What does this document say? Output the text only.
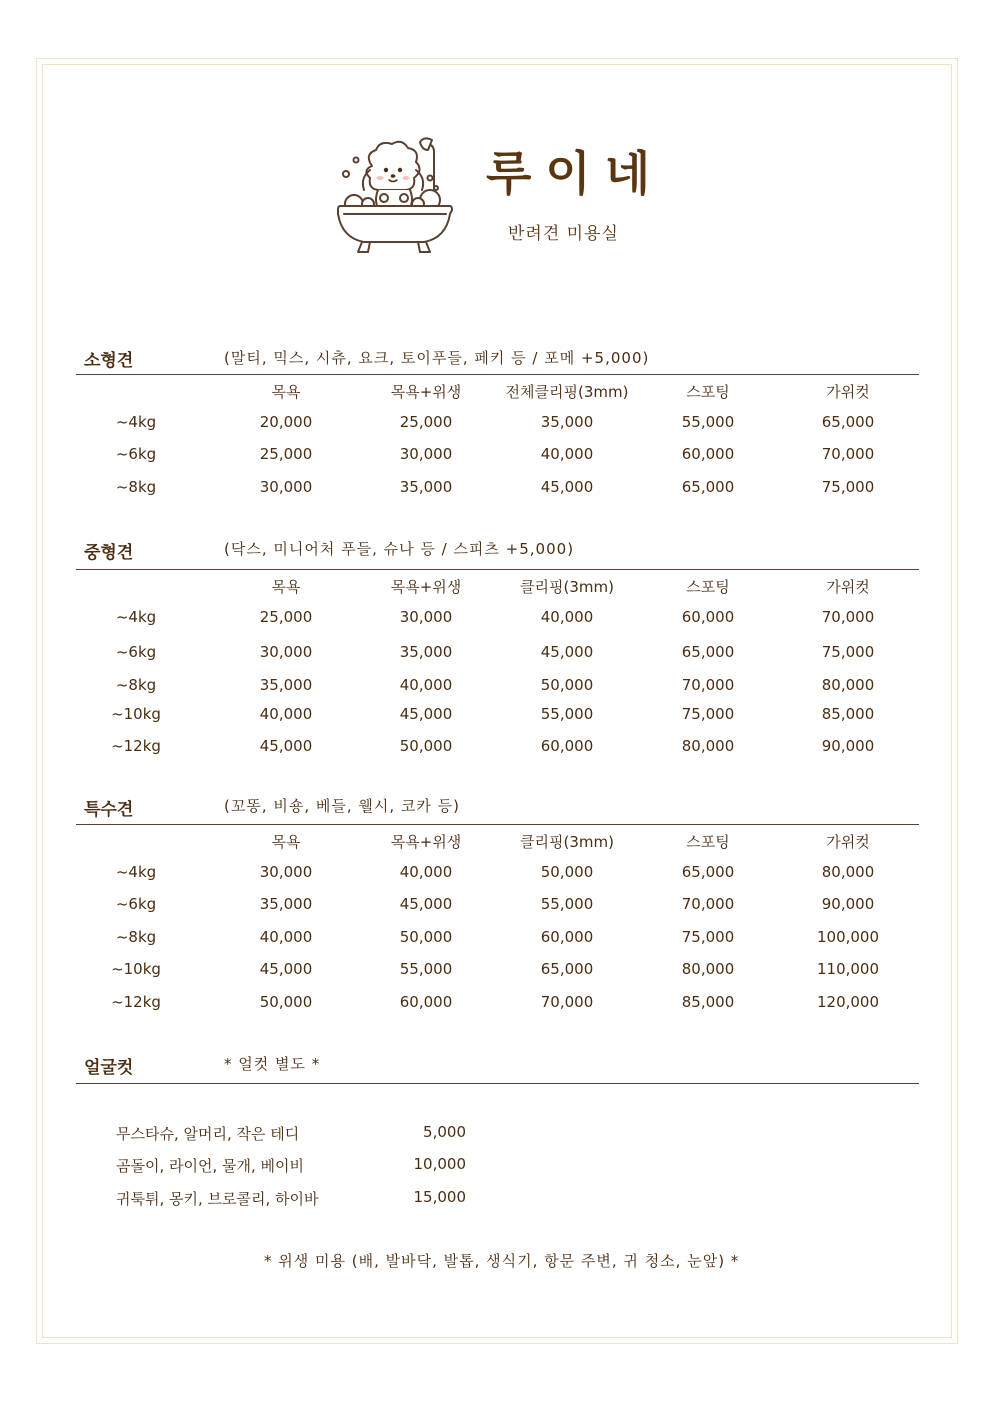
루이네
반려견 미용실
소형견	(말티, 믹스, 시츄, 요크, 토이푸들, 페키 등 / 포메 +5,000)
목욕	목욕+위생	전체클리핑(3mm)	스포팅	가위컷
~4kg	20,000	25,000	35,000	55,000	65,000
~6kg	25,000	30,000	40,000	60,000	70,000
~8kg	30,000	35,000	45,000	65,000	75,000
중형견	(닥스, 미니어처 푸들, 슈나 등 / 스피츠 +5,000)
목욕	목욕+위생	클리핑(3mm)	스포팅	가위컷
~4kg	25,000	30,000	40,000	60,000	70,000
~6kg	30,000	35,000	45,000	65,000	75,000
~8kg	35,000	40,000	50,000	70,000	80,000
~10kg	40,000	45,000	55,000	75,000	85,000
~12kg	45,000	50,000	60,000	80,000	90,000
특수견	(꼬똥, 비숑, 베들, 웰시, 코카 등)
목욕	목욕+위생	클리핑(3mm)	스포팅	가위컷
~4kg	30,000	40,000	50,000	65,000	80,000
~6kg	35,000	45,000	55,000	70,000	90,000
~8kg	40,000	50,000	60,000	75,000	100,000
~10kg	45,000	55,000	65,000	80,000	110,000
~12kg	50,000	60,000	70,000	85,000	120,000
얼굴컷	* 얼컷 별도 *
무스타슈, 알머리, 작은 테디	5,000
곰돌이, 라이언, 물개, 베이비	10,000
귀툭튀, 몽키, 브로콜리, 하이바	15,000
* 위생 미용 (배, 발바닥, 발톱, 생식기, 항문 주변, 귀 청소, 눈앞) *
